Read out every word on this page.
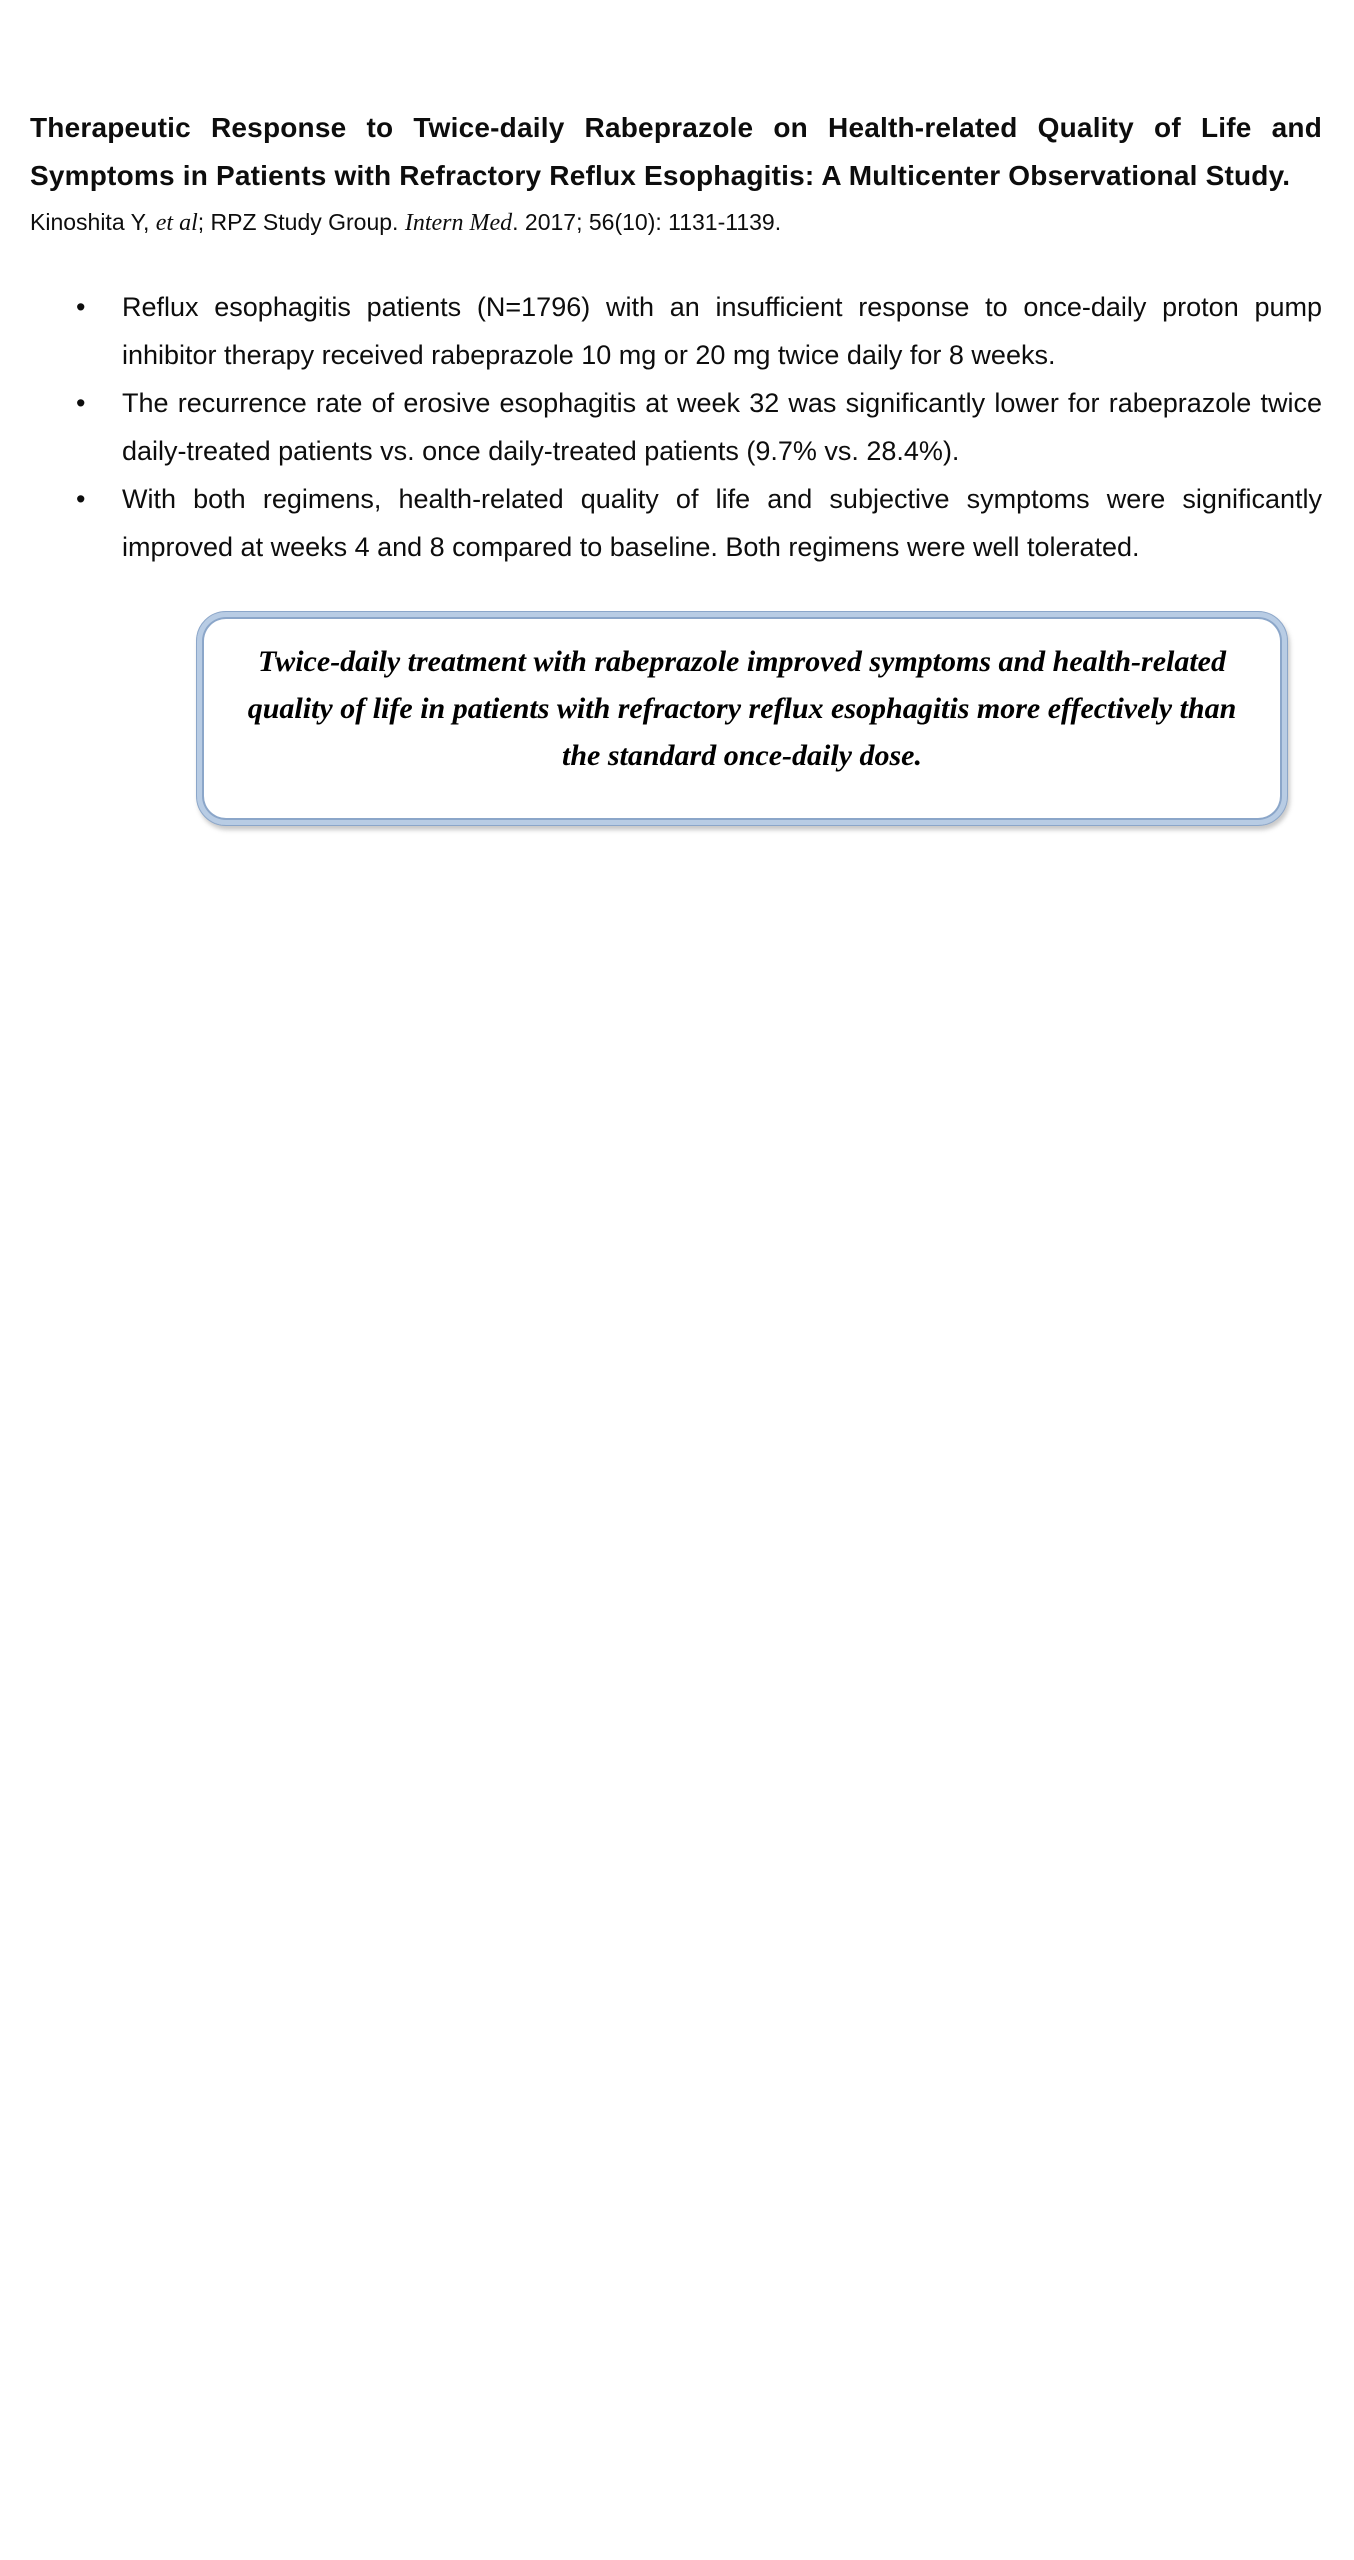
Therapeutic Response to Twice-daily Rabeprazole on Health-related Quality of Life and Symptoms in Patients with Refractory Reflux Esophagitis: A Multicenter Observational Study.
Kinoshita Y, et al; RPZ Study Group. Intern Med. 2017; 56(10): 1131-1139.
• Reflux esophagitis patients (N=1796) with an insufficient response to once-daily proton pump inhibitor therapy received rabeprazole 10 mg or 20 mg twice daily for 8 weeks.
• The recurrence rate of erosive esophagitis at week 32 was significantly lower for rabeprazole twice daily-treated patients vs. once daily-treated patients (9.7% vs. 28.4%).
• With both regimens, health-related quality of life and subjective symptoms were significantly improved at weeks 4 and 8 compared to baseline. Both regimens were well tolerated.
Twice-daily treatment with rabeprazole improved symptoms and health-related quality of life in patients with refractory reflux esophagitis more effectively than the standard once-daily dose.
